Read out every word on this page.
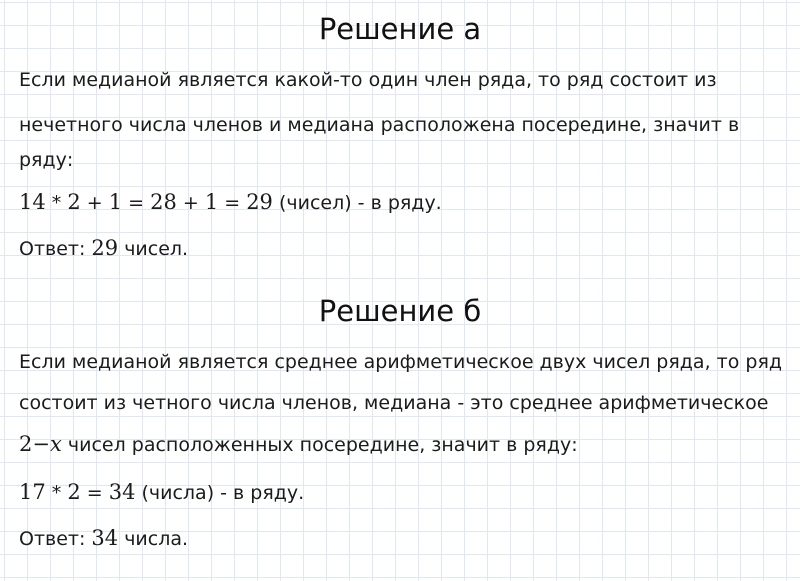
Решение а

Если медианой является какой-то один член ряда, то ряд состоит из

нечетного числа членов и медиана расположена посередине, значит в

ряду:

14 * 2 + 1 = 28 + 1 = 29 (чисел) - в ряду.

Ответ: 29 чисел.

Решение б

Если медианой является среднее арифметическое двух чисел ряда, то ряд

состоит из четного числа членов, медиана - это среднее арифметическое

2−x чисел расположенных посередине, значит в ряду:

17 * 2 = 34 (числа) - в ряду.

Ответ: 34 числа.
